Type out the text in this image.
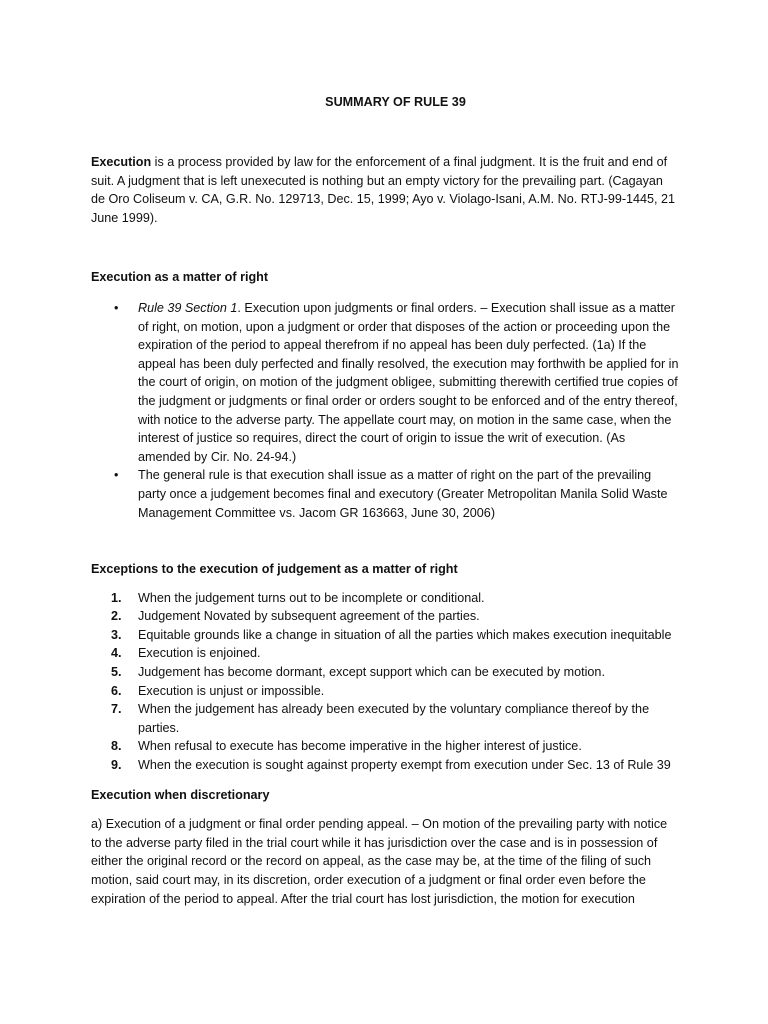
SUMMARY OF RULE 39

Execution is a process provided by law for the enforcement of a final judgment. It is the fruit and end of suit. A judgment that is left unexecuted is nothing but an empty victory for the prevailing part. (Cagayan de Oro Coliseum v. CA, G.R. No. 129713, Dec. 15, 1999; Ayo v. Violago-Isani, A.M. No. RTJ-99-1445, 21 June 1999).

Execution as a matter of right

• Rule 39 Section 1. Execution upon judgments or final orders. – Execution shall issue as a matter of right, on motion, upon a judgment or order that disposes of the action or proceeding upon the expiration of the period to appeal therefrom if no appeal has been duly perfected. (1a) If the appeal has been duly perfected and finally resolved, the execution may forthwith be applied for in the court of origin, on motion of the judgment obligee, submitting therewith certified true copies of the judgment or judgments or final order or orders sought to be enforced and of the entry thereof, with notice to the adverse party. The appellate court may, on motion in the same case, when the interest of justice so requires, direct the court of origin to issue the writ of execution. (As amended by Cir. No. 24-94.)
• The general rule is that execution shall issue as a matter of right on the part of the prevailing party once a judgement becomes final and executory (Greater Metropolitan Manila Solid Waste Management Committee vs. Jacom GR 163663, June 30, 2006)

Exceptions to the execution of judgement as a matter of right

1. When the judgement turns out to be incomplete or conditional.
2. Judgement Novated by subsequent agreement of the parties.
3. Equitable grounds like a change in situation of all the parties which makes execution inequitable
4. Execution is enjoined.
5. Judgement has become dormant, except support which can be executed by motion.
6. Execution is unjust or impossible.
7. When the judgement has already been executed by the voluntary compliance thereof by the parties.
8. When refusal to execute has become imperative in the higher interest of justice.
9. When the execution is sought against property exempt from execution under Sec. 13 of Rule 39

Execution when discretionary

a) Execution of a judgment or final order pending appeal. – On motion of the prevailing party with notice to the adverse party filed in the trial court while it has jurisdiction over the case and is in possession of either the original record or the record on appeal, as the case may be, at the time of the filing of such motion, said court may, in its discretion, order execution of a judgment or final order even before the expiration of the period to appeal. After the trial court has lost jurisdiction, the motion for execution
